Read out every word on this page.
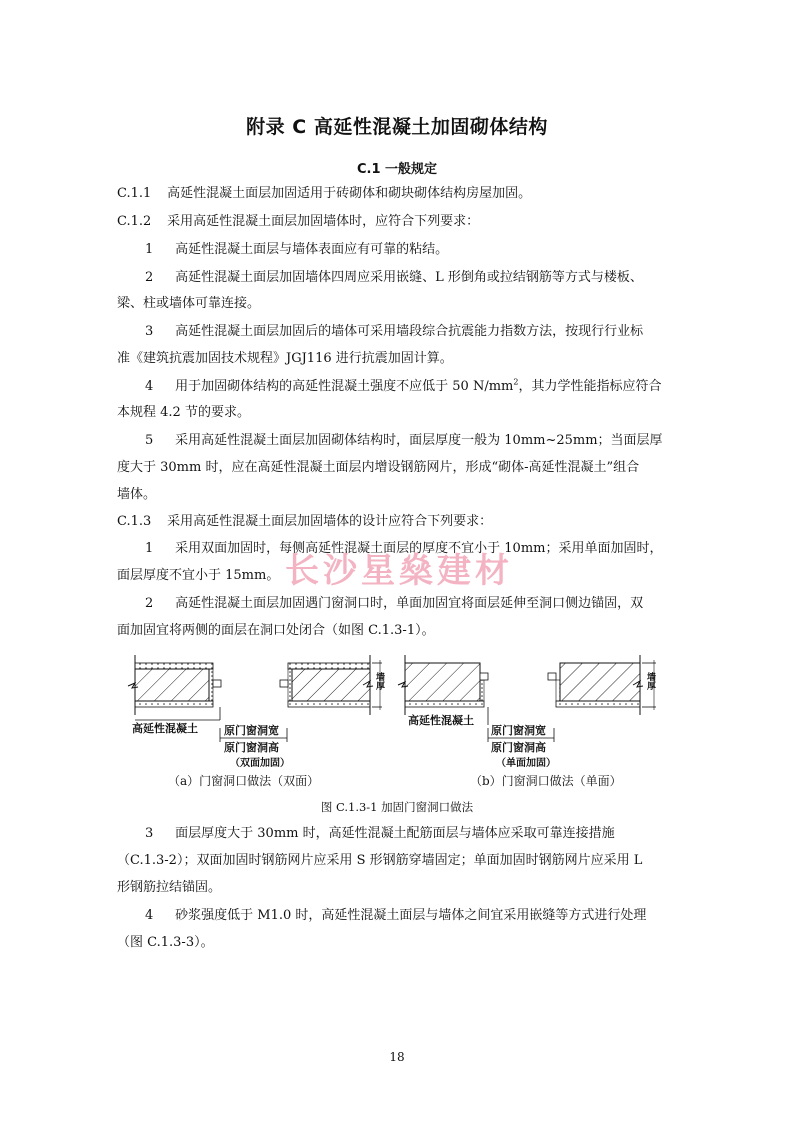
附录 C 高延性混凝土加固砌体结构
C.1 一般规定
C.1.1 高延性混凝土面层加固适用于砖砌体和砌块砌体结构房屋加固。
C.1.2 采用高延性混凝土面层加固墙体时，应符合下列要求：
1 高延性混凝土面层与墙体表面应有可靠的粘结。
2 高延性混凝土面层加固墙体四周应采用嵌缝、L 形倒角或拉结钢筋等方式与楼板、
梁、柱或墙体可靠连接。
3 高延性混凝土面层加固后的墙体可采用墙段综合抗震能力指数方法，按现行行业标
准《建筑抗震加固技术规程》JGJ116 进行抗震加固计算。
4 用于加固砌体结构的高延性混凝土强度不应低于 50 $N/mm^2$，其力学性能指标应符合
本规程 4.2 节的要求。
5 采用高延性混凝土面层加固砌体结构时，面层厚度一般为 10mm~25mm；当面层厚
度大于 30mm 时，应在高延性混凝土面层内增设钢筋网片，形成“砌体-高延性混凝土”组合
墙体。
C.1.3 采用高延性混凝土面层加固墙体的设计应符合下列要求：
1 采用双面加固时，每侧高延性混凝土面层的厚度不宜小于 10mm；采用单面加固时，
面层厚度不宜小于 15mm。
2 高延性混凝土面层加固遇门窗洞口时，单面加固宜将面层延伸至洞口侧边锚固，双
面加固宜将两侧的面层在洞口处闭合（如图 C.1.3-1）。
长沙星燊建材
高延性混凝土 原门窗洞宽
原门窗洞高
（双面加固）
墙厚
高延性混凝土
原门窗洞宽
原门窗洞高
（单面加固）
墙厚
（a）门窗洞口做法（双面）	（b）门窗洞口做法（单面）
图 C.1.3-1 加固门窗洞口做法
3 面层厚度大于 30mm 时，高延性混凝土配筋面层与墙体应采取可靠连接措施
（C.1.3-2）；双面加固时钢筋网片应采用 S 形钢筋穿墙固定；单面加固时钢筋网片应采用 L
形钢筋拉结锚固。
4 砂浆强度低于 M1.0 时，高延性混凝土面层与墙体之间宜采用嵌缝等方式进行处理
（图 C.1.3-3）。
18
